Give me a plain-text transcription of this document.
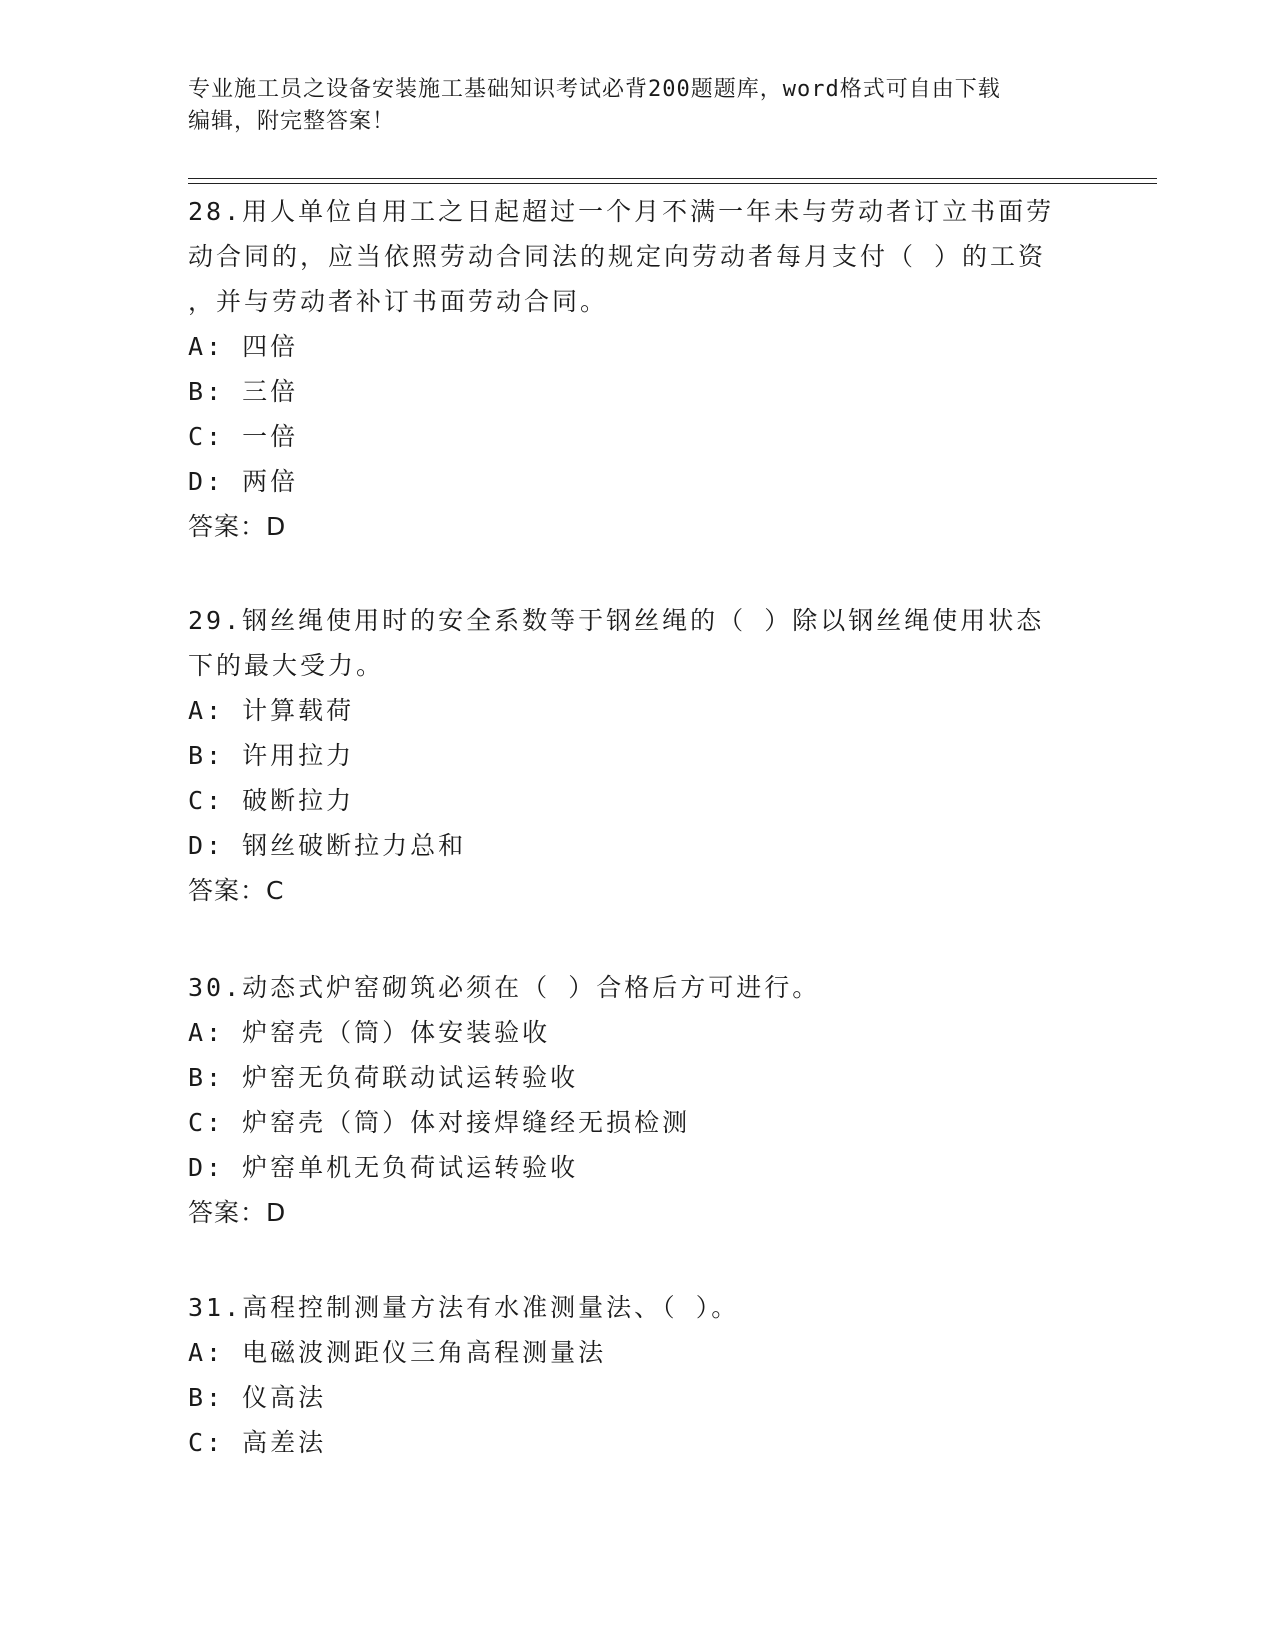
专业施工员之设备安装施工基础知识考试必背200题题库，word格式可自由下载
编辑，附完整答案！
28.用人单位自用工之日起超过一个月不满一年未与劳动者订立书面劳
动合同的，应当依照劳动合同法的规定向劳动者每月支付（ ）的工资
，并与劳动者补订书面劳动合同。
A: 四倍
B: 三倍
C: 一倍
D: 两倍
答案：D
29.钢丝绳使用时的安全系数等于钢丝绳的（ ）除以钢丝绳使用状态
下的最大受力。
A: 计算载荷
B: 许用拉力
C: 破断拉力
D: 钢丝破断拉力总和
答案：C
30.动态式炉窑砌筑必须在（ ）合格后方可进行。
A: 炉窑壳（筒）体安装验收
B: 炉窑无负荷联动试运转验收
C: 炉窑壳（筒）体对接焊缝经无损检测
D: 炉窑单机无负荷试运转验收
答案：D
31.高程控制测量方法有水准测量法、（ ）。
A: 电磁波测距仪三角高程测量法
B: 仪高法
C: 高差法
